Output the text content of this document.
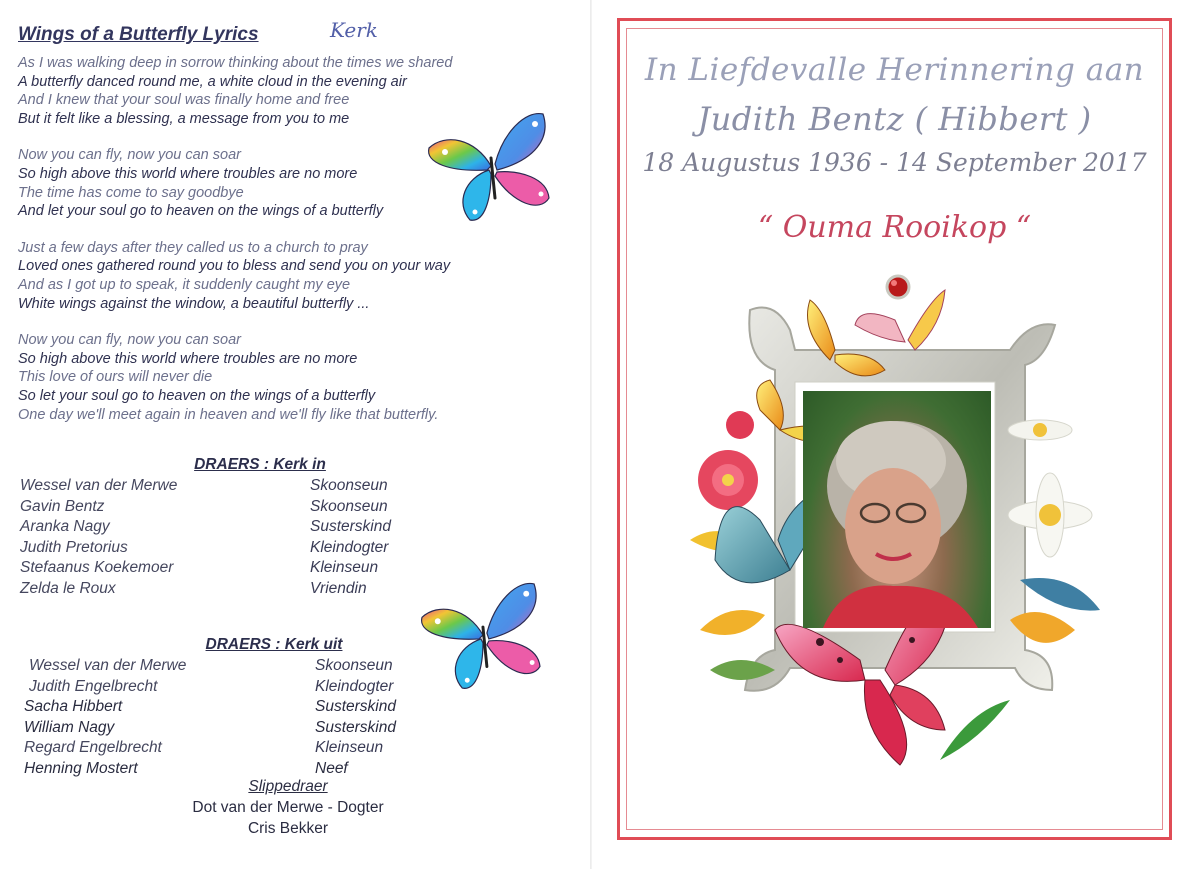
Wings of a Butterfly Lyrics	Kerk
As I was walking deep in sorrow thinking about the times we shared
A butterfly danced round me, a white cloud in the evening air
And I knew that your soul was finally home and free
But it felt like a blessing, a message from you to me
Now you can fly, now you can soar
So high above this world where troubles are no more
The time has come to say goodbye
And let your soul go to heaven on the wings of a butterfly
Just a few days after they called us to a church to pray
Loved ones gathered round you to bless and send you on your way
And as I got up to speak, it suddenly caught my eye
White wings against the window, a beautiful butterfly ...
Now you can fly, now you can soar
So high above this world where troubles are no more
This love of ours will never die
So let your soul go to heaven on the wings of a butterfly
One day we'll meet again in heaven and we'll fly like that butterfly.
DRAERS : Kerk in
Wessel van der Merwe	Skoonseun
Gavin Bentz	Skoonseun
Aranka Nagy	Susterskind
Judith Pretorius	Kleindogter
Stefaanus Koekemoer	Kleinseun
Zelda le Roux	Vriendin
DRAERS : Kerk uit
Wessel van der Merwe	Skoonseun
Judith Engelbrecht	Kleindogter
Sacha Hibbert	Susterskind
William Nagy	Susterskind
Regard Engelbrecht	Kleinseun
Henning Mostert	Neef
Slippedraer
Dot van der Merwe - Dogter
Cris Bekker
In Liefdevalle Herinnering aan
Judith Bentz ( Hibbert )
18 Augustus 1936 - 14 September 2017
“ Ouma Rooikop “
